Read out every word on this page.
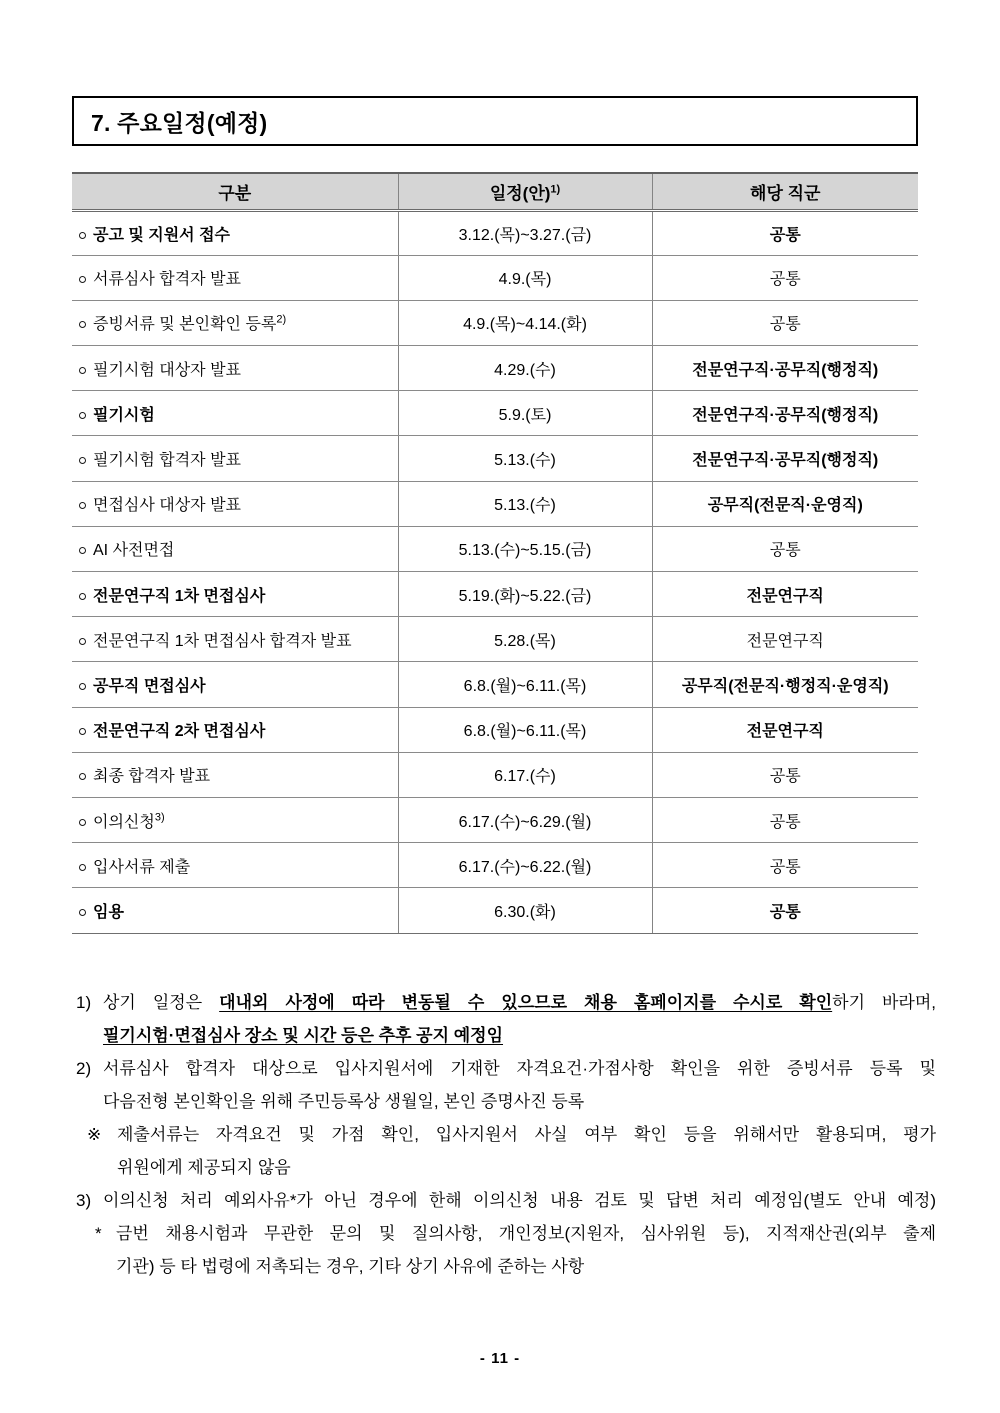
7. 주요일정(예정)
구분	일정(안)$^{1)}$	해당 직군
공고 및 지원서 접수	3.12.(목)~3.27.(금)	공통
서류심사 합격자 발표	4.9.(목)	공통
증빙서류 및 본인확인 등록$^{2)}$	4.9.(목)~4.14.(화)	공통
필기시험 대상자 발표	4.29.(수)	전문연구직·공무직(행정직)
필기시험	5.9.(토)	전문연구직·공무직(행정직)
필기시험 합격자 발표	5.13.(수)	전문연구직·공무직(행정직)
면접심사 대상자 발표	5.13.(수)	공무직(전문직·운영직)
AI 사전면접	5.13.(수)~5.15.(금)	공통
전문연구직 1차 면접심사	5.19.(화)~5.22.(금)	전문연구직
전문연구직 1차 면접심사 합격자 발표	5.28.(목)	전문연구직
공무직 면접심사	6.8.(월)~6.11.(목)	공무직(전문직·행정직·운영직)
전문연구직 2차 면접심사	6.8.(월)~6.11.(목)	전문연구직
최종 합격자 발표	6.17.(수)	공통
이의신청$^{3)}$	6.17.(수)~6.29.(월)	공통
입사서류 제출	6.17.(수)~6.22.(월)	공통
임용	6.30.(화)	공통
1) 상기 일정은 대내외 사정에 따라 변동될 수 있으므로 채용 홈페이지를 수시로 확인하기 바라며,
필기시험·면접심사 장소 및 시간 등은 추후 공지 예정임
2) 서류심사 합격자 대상으로 입사지원서에 기재한 자격요건·가점사항 확인을 위한 증빙서류 등록 및
다음전형 본인확인을 위해 주민등록상 생월일, 본인 증명사진 등록
※ 제출서류는 자격요건 및 가점 확인, 입사지원서 사실 여부 확인 등을 위해서만 활용되며, 평가
위원에게 제공되지 않음
3) 이의신청 처리 예외사유*가 아닌 경우에 한해 이의신청 내용 검토 및 답변 처리 예정임(별도 안내 예정)
* 금번 채용시험과 무관한 문의 및 질의사항, 개인정보(지원자, 심사위원 등), 지적재산권(외부 출제
기관) 등 타 법령에 저촉되는 경우, 기타 상기 사유에 준하는 사항
- 11 -
